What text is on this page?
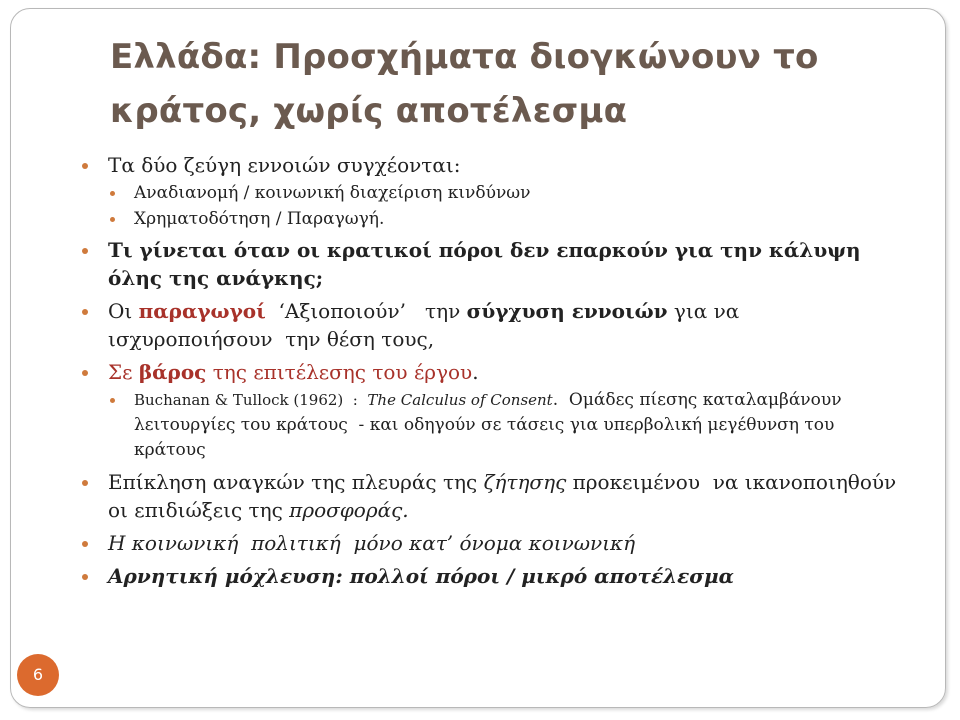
Ελλάδα: Προσχήματα διογκώνουν το κράτος, χωρίς αποτέλεσμα
Τα δύο ζεύγη εννοιών συγχέονται:
Αναδιανομή / κοινωνική διαχείριση κινδύνων
Χρηματοδότηση / Παραγωγή.
Τι γίνεται όταν οι κρατικοί πόροι δεν επαρκούν για την κάλυψη όλης της ανάγκης;
Οι παραγωγοί  ‘Αξιοποιούν’   την σύγχυση εννοιών για να ισχυροποιήσουν  την θέση τους,
Σε βάρος της επιτέλεσης του έργου.
Buchanan & Tullock (1962)  :  The Calculus of Consent.  Ομάδες πίεσης καταλαμβάνουν λειτουργίες του κράτους  - και οδηγούν σε τάσεις για υπερβολική μεγέθυνση του κράτους
Επίκληση αναγκών της πλευράς της ζήτησης προκειμένου  να ικανοποιηθούν  οι επιδιώξεις της προσφοράς.
Η κοινωνική  πολιτική  μόνο κατ’ όνομα κοινωνική
Αρνητική μόχλευση: πολλοί πόροι / μικρό αποτέλεσμα
6
